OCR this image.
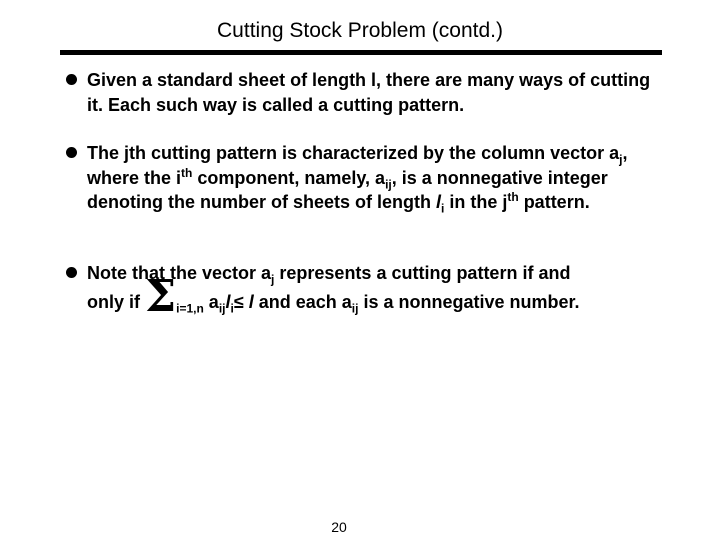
Cutting Stock Problem (contd.)
Given a standard sheet of length l, there are many ways of cutting it. Each such way is called a cutting pattern.
The jth cutting pattern is characterized by the column vector $a_j$, where the $i^{th}$ component, namely, $a_{ij}$, is a nonnegative integer denoting the number of sheets of length $l_i$ in the $j^{th}$ pattern.
Note that the vector $a_j$ represents a cutting pattern if and
only if $\Sigma_{i=1,n}$ $a_{ij}l_i\le l$ and each $a_{ij}$ is a nonnegative number.
20
